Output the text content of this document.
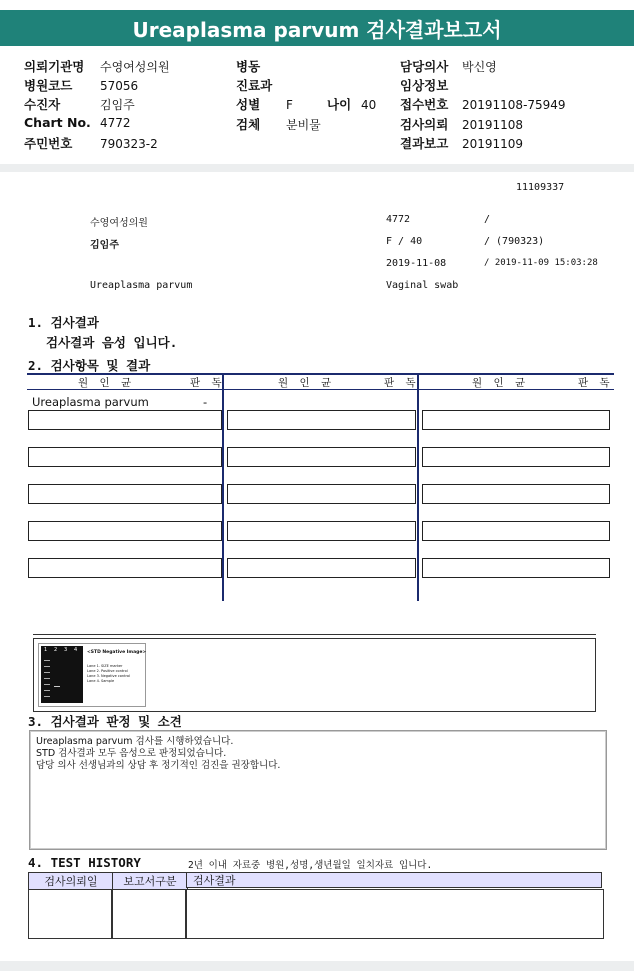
Ureaplasma parvum 검사결과보고서
의뢰기관명 수영여성의원	병동	담당의사 박신영
병원코드 57056	진료과	임상정보
수진자	김임주	성별 F	나이 40 접수번호 20191108-75949
Chart No. 4772	검체 분비물	검사의뢰 20191108
주민번호 790323-2	결과보고 20191109
11109337
수영여성의원	4772	/
김임주	F / 40	/ (790323)
2019-11-08	/ 2019-11-09 15:03:28
Ureaplasma parvum	Vaginal swab
1. 검사결과
검사결과 음성 입니다.
2. 검사항목 및 결과
원 인 균	판 독	원 인 균	판 독	원 인 균	판 독
Ureaplasma parvum	-
1 2 3 4 <STD Negative Image>
Lane 1. SIZE marker
Lane 2. Positive control
Lane 3. Negative control
Lane 4. Sample
3. 검사결과 판정 및 소견
Ureaplasma parvum 검사를 시행하였습니다.
STD 검사결과 모두 음성으로 판정되었습니다.
담당 의사 선생님과의 상담 후 정기적인 검진을 권장합니다.
4. TEST HISTORY	2년 이내 자료중 병원,성명,생년월일 일치자료 입니다.
검사의뢰일	보고서구분	검사결과
